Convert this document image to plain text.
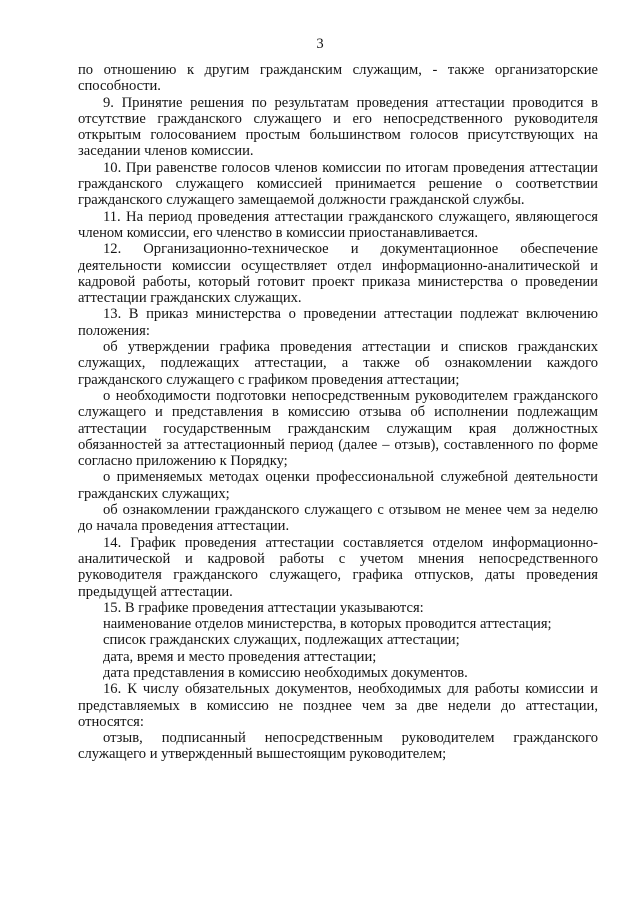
3

по отношению к другим гражданским служащим, - также организаторские способности.

9. Принятие решения по результатам проведения аттестации проводится в отсутствие гражданского служащего и его непосредственного руководителя открытым голосованием простым большинством голосов присутствующих на заседании членов комиссии.

10. При равенстве голосов членов комиссии по итогам проведения аттестации гражданского служащего комиссией принимается решение о соответствии гражданского служащего замещаемой должности гражданской службы.

11. На период проведения аттестации гражданского служащего, являющегося членом комиссии, его членство в комиссии приостанавливается.

12. Организационно-техническое и документационное обеспечение деятельности комиссии осуществляет отдел информационно-аналитической и кадровой работы, который готовит проект приказа министерства о проведении аттестации гражданских служащих.

13. В приказ министерства о проведении аттестации подлежат включению положения:

об утверждении графика проведения аттестации и списков гражданских служащих, подлежащих аттестации, а также об ознакомлении каждого гражданского служащего с графиком проведения аттестации;

о необходимости подготовки непосредственным руководителем гражданского служащего и представления в комиссию отзыва об исполнении подлежащим аттестации государственным гражданским служащим края должностных обязанностей за аттестационный период (далее – отзыв), составленного по форме согласно приложению к Порядку;

о применяемых методах оценки профессиональной служебной деятельности гражданских служащих;

об ознакомлении гражданского служащего с отзывом не менее чем за неделю до начала проведения аттестации.

14. График проведения аттестации составляется отделом информационно-аналитической и кадровой работы с учетом мнения непосредственного руководителя гражданского служащего, графика отпусков, даты проведения предыдущей аттестации.

15. В графике проведения аттестации указываются:

наименование отделов министерства, в которых проводится аттестация;

список гражданских служащих, подлежащих аттестации;

дата, время и место проведения аттестации;

дата представления в комиссию необходимых документов.

16. К числу обязательных документов, необходимых для работы комиссии и представляемых в комиссию не позднее чем за две недели до аттестации, относятся:

отзыв, подписанный непосредственным руководителем гражданского служащего и утвержденный вышестоящим руководителем;
